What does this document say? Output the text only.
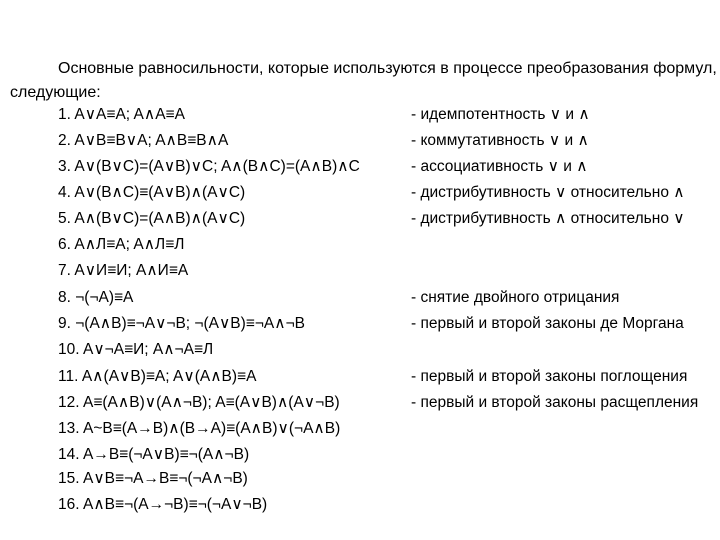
Основные равносильности, которые используются в процессе преобразования формул,
следующие:
1. A∨A≡A; A∧A≡A	- идемпотентность ∨ и ∧
2. A∨B≡B∨A; A∧B≡B∧A	- коммутативность ∨ и ∧
3. A∨(B∨C)=(A∨B)∨C; A∧(B∧C)=(A∧B)∧C	- ассоциативность ∨ и ∧
4. A∨(B∧C)≡(A∨B)∧(A∨C)	- дистрибутивность ∨ относительно ∧
5. A∧(B∨C)=(A∧B)∧(A∨C)	- дистрибутивность ∧ относительно ∨
6. A∧Л≡A; A∧Л≡Л
7. A∨И≡И; A∧И≡A
8. ¬(¬A)≡A	- снятие двойного отрицания
9. ¬(A∧B)≡¬A∨¬B; ¬(A∨B)≡¬A∧¬B	- первый и второй законы де Моргана
10. A∨¬A≡И; A∧¬A≡Л
11. A∧(A∨B)≡A; A∨(A∧B)≡A	- первый и второй законы поглощения
12. A≡(A∧B)∨(A∧¬B); A≡(A∨B)∧(A∨¬B)	- первый и второй законы расщепления
13. A~B≡(A→B)∧(B→A)≡(A∧B)∨(¬A∧B)
14. A→B≡(¬A∨B)≡¬(A∧¬B)
15. A∨B≡¬A→B≡¬(¬A∧¬B)
16. A∧B≡¬(A→¬B)≡¬(¬A∨¬B)
